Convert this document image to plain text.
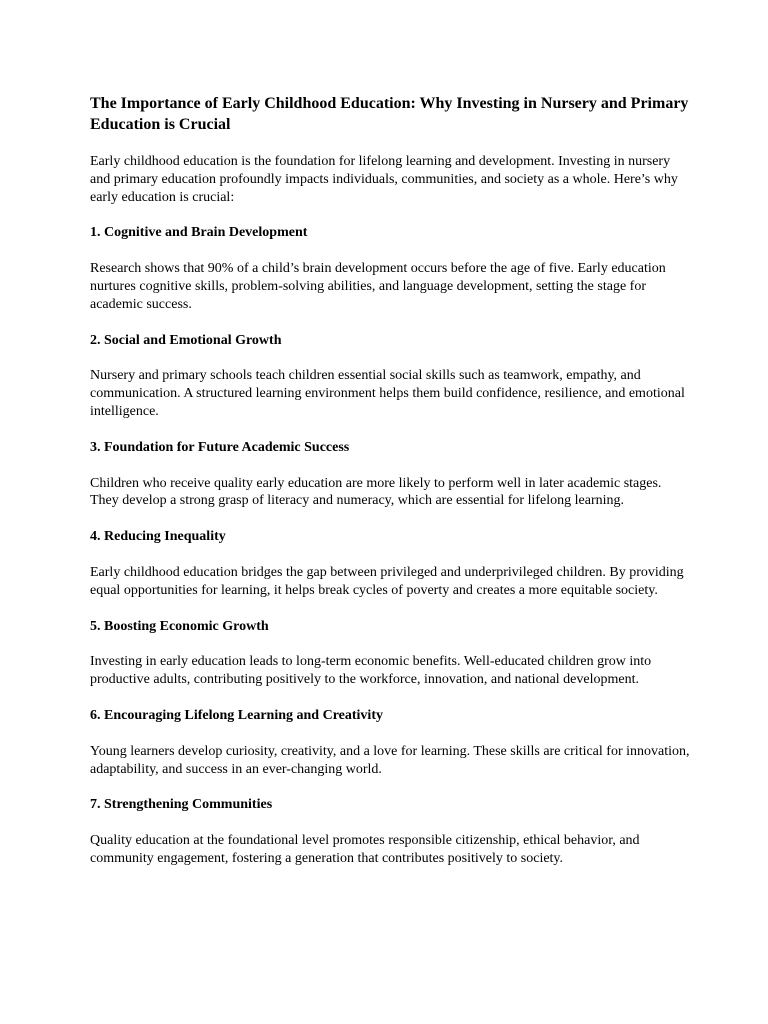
The Importance of Early Childhood Education: Why Investing in Nursery and Primary Education is Crucial

Early childhood education is the foundation for lifelong learning and development. Investing in nursery and primary education profoundly impacts individuals, communities, and society as a whole. Here’s why early education is crucial:

1. Cognitive and Brain Development

Research shows that 90% of a child’s brain development occurs before the age of five. Early education nurtures cognitive skills, problem-solving abilities, and language development, setting the stage for academic success.

2. Social and Emotional Growth

Nursery and primary schools teach children essential social skills such as teamwork, empathy, and communication. A structured learning environment helps them build confidence, resilience, and emotional intelligence.

3. Foundation for Future Academic Success

Children who receive quality early education are more likely to perform well in later academic stages. They develop a strong grasp of literacy and numeracy, which are essential for lifelong learning.

4. Reducing Inequality

Early childhood education bridges the gap between privileged and underprivileged children. By providing equal opportunities for learning, it helps break cycles of poverty and creates a more equitable society.

5. Boosting Economic Growth

Investing in early education leads to long-term economic benefits. Well-educated children grow into productive adults, contributing positively to the workforce, innovation, and national development.

6. Encouraging Lifelong Learning and Creativity

Young learners develop curiosity, creativity, and a love for learning. These skills are critical for innovation, adaptability, and success in an ever-changing world.

7. Strengthening Communities

Quality education at the foundational level promotes responsible citizenship, ethical behavior, and community engagement, fostering a generation that contributes positively to society.
